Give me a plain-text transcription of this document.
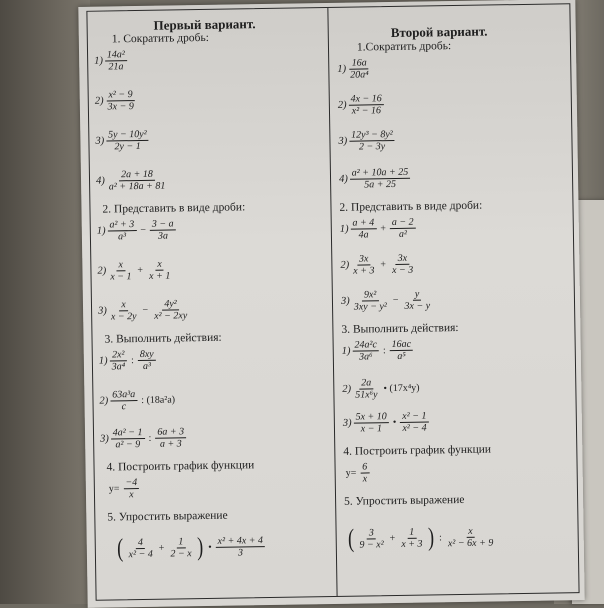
Первый вариант.
1. Сократить дробь:
$1) \frac{\text{14a²}}{21a}$
$2) \frac{\text{x² − 9}}{3x - 9}$
$3) \frac{\text{5y − 10y²}}{2y - 1}$
$4) \frac{2a + 18}{\text{a² + 18a + 81}}$
2. Представить в виде дроби:
$1) \frac{\text{a² + 3}}{\text{a³}} - \frac{3 - a}{3a}$
$2) \frac{x}{x - 1} + \frac{x}{x + 1}$
$3) \frac{x}{x - 2y} - \frac{\text{4y²}}{\text{x² − 2xy}}$
3. Выполнить действия:
$1) \frac{\text{2x²}}{\text{3a⁴}}$ : $\frac{8xy}{\text{a³}}$
$2) \frac{\text{63a³a}}{c}$ : (18a²a)
$3) \frac{\text{4a² − 1}}{\text{a² − 9}}$ : $\frac{6a + 3}{a + 3}$
4. Построить график функции
$y= \frac{-4}{x}$
5. Упростить выражение
( $\frac{4}{\text{x² − 4}} + \frac{1}{2 - x}$ ) • $\frac{\text{x² + 4x + 4}}{3}$
Второй вариант.
1.Сократить дробь:
$1) \frac{16a}{\text{20a⁴}}$
$2) \frac{4x - 16}{\text{x² − 16}}$
$3) \frac{\text{12y³ − 8y²}}{2 - 3y}$
$4) \frac{\text{a² + 10a + 25}}{5a + 25}$
2. Представить в виде дроби:
$1) \frac{a + 4}{4a} + \frac{a - 2}{\text{a²}}$
$2) \frac{3x}{x + 3} + \frac{3x}{x - 3}$
$3) \frac{\text{9x²}}{\text{3xy − y²}} - \frac{y}{3x - y}$
3. Выполнить действия:
$1) \frac{\text{24a²c}}{\text{3a⁶}}$ : $\frac{16ac}{\text{a⁵}}$
$2) \frac{2a}{\text{51x⁶y}}$ • (17x⁴y)
$3) \frac{5x + 10}{x - 1}$ • $\frac{\text{x² − 1}}{\text{x² − 4}}$
4. Построить график функции
$y= \frac{6}{x}$
5. Упростить выражение
( $\frac{3}{\text{9 − x²}} + \frac{1}{x + 3}$ ) : $\frac{x}{\text{x² − 6x + 9}}$
